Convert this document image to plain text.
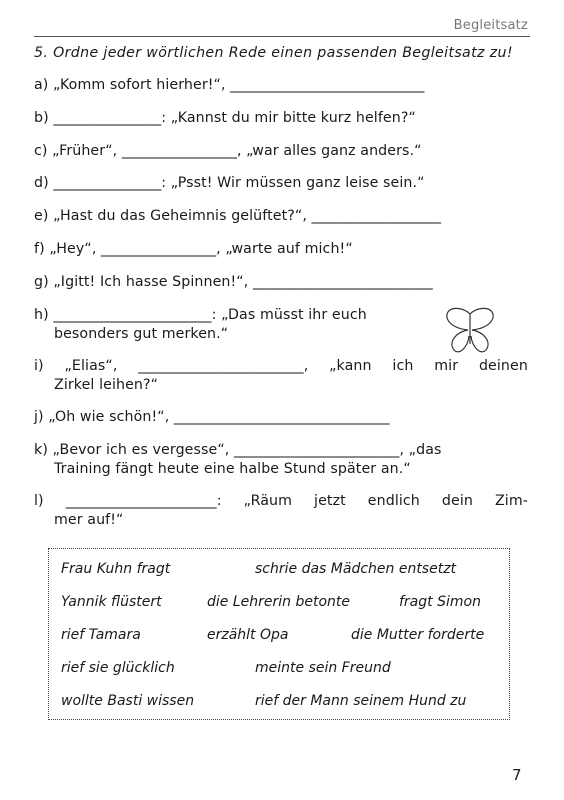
Begleitsatz
5. Ordne jeder wörtlichen Rede einen passenden Begleitsatz zu!
a) „Komm sofort hierher!“, ___________________________
b) _______________: „Kannst du mir bitte kurz helfen?“
c) „Früher“, ________________, „war alles ganz anders.“
d) _______________: „Psst! Wir müssen ganz leise sein.“
e) „Hast du das Geheimnis gelüftet?“, __________________
f) „Hey“, ________________, „warte auf mich!“
g) „Igitt! Ich hasse Spinnen!“, _________________________
h) ______________________: „Das müsst ihr euch
besonders gut merken.“
i) „Elias“, _______________________, „kann ich mir deinen
Zirkel leihen?“
j) „Oh wie schön!“, ______________________________
k) „Bevor ich es vergesse“, _______________________, „das
Training fängt heute eine halbe Stund später an.“
l) _____________________: „Räum jetzt endlich dein Zim-
mer auf!“
Frau Kuhn fragt	schrie das Mädchen entsetzt
Yannik flüstert	die Lehrerin betonte	fragt Simon
rief Tamara	erzählt Opa	die Mutter forderte
rief sie glücklich	meinte sein Freund
wollte Basti wissen	rief der Mann seinem Hund zu
7
